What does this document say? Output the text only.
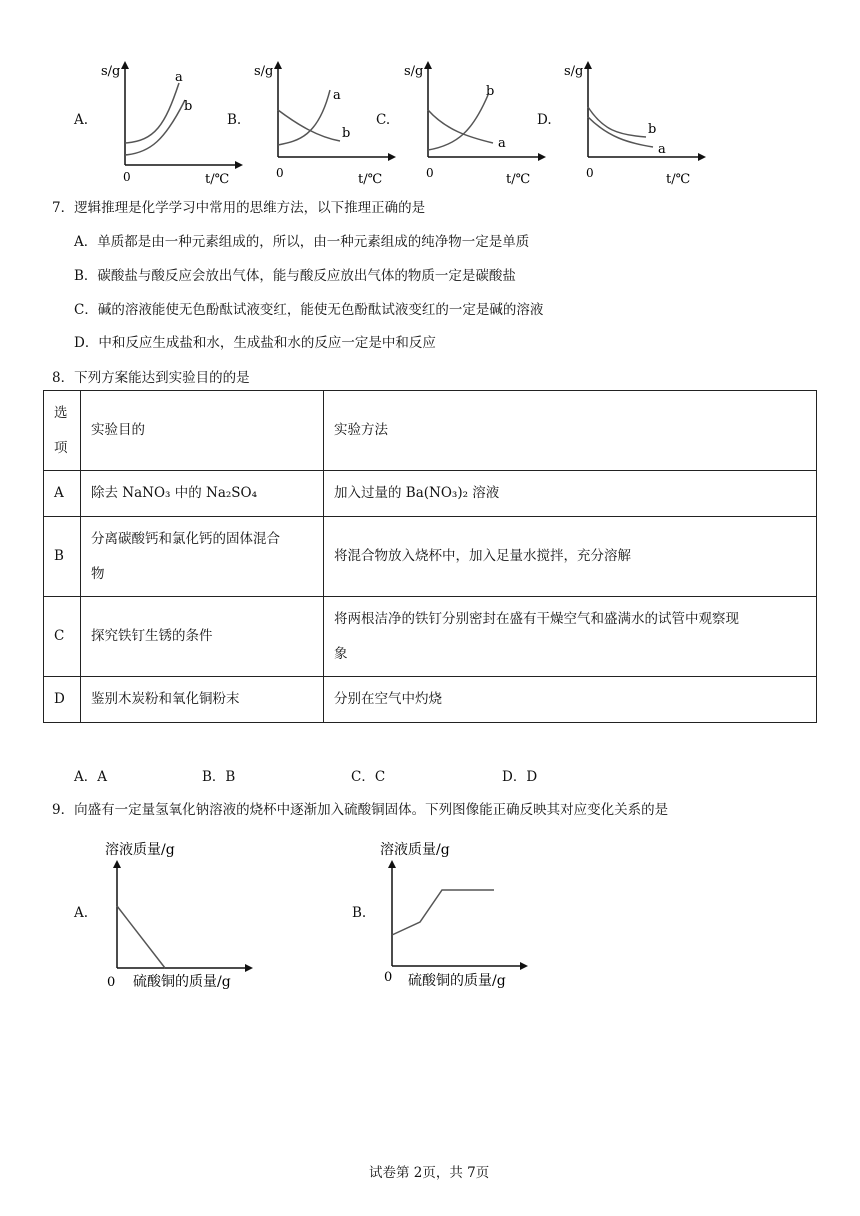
A.
s/g
t/℃
0
a
b
B.
s/g
t/℃
0
a
b
C.
s/g
t/℃
0
b
a
D.
s/g
t/℃
0
b
a
7．逻辑推理是化学学习中常用的思维方法，以下推理正确的是
A．单质都是由一种元素组成的，所以，由一种元素组成的纯净物一定是单质
B．碳酸盐与酸反应会放出气体，能与酸反应放出气体的物质一定是碳酸盐
C．碱的溶液能使无色酚酞试液变红，能使无色酚酞试液变红的一定是碱的溶液
D．中和反应生成盐和水，生成盐和水的反应一定是中和反应
8．下列方案能达到实验目的的是
选
项	实验目的	实验方法
A	除去 NaNO₃ 中的 Na₂SO₄	加入过量的 Ba(NO₃)₂ 溶液
B	分离碳酸钙和氯化钙的固体混合
物	将混合物放入烧杯中，加入足量水搅拌，充分溶解
C	探究铁钉生锈的条件	将两根洁净的铁钉分别密封在盛有干燥空气和盛满水的试管中观察现
象
D	鉴别木炭粉和氧化铜粉末	分别在空气中灼烧
A．A	B．B	C．C	D．D
9．向盛有一定量氢氧化钠溶液的烧杯中逐渐加入硫酸铜固体。下列图像能正确反映其对应变化关系的是
A.
溶液质量/g
硫酸铜的质量/g
0
B.
溶液质量/g
硫酸铜的质量/g
0
试卷第 2页，共 7页
